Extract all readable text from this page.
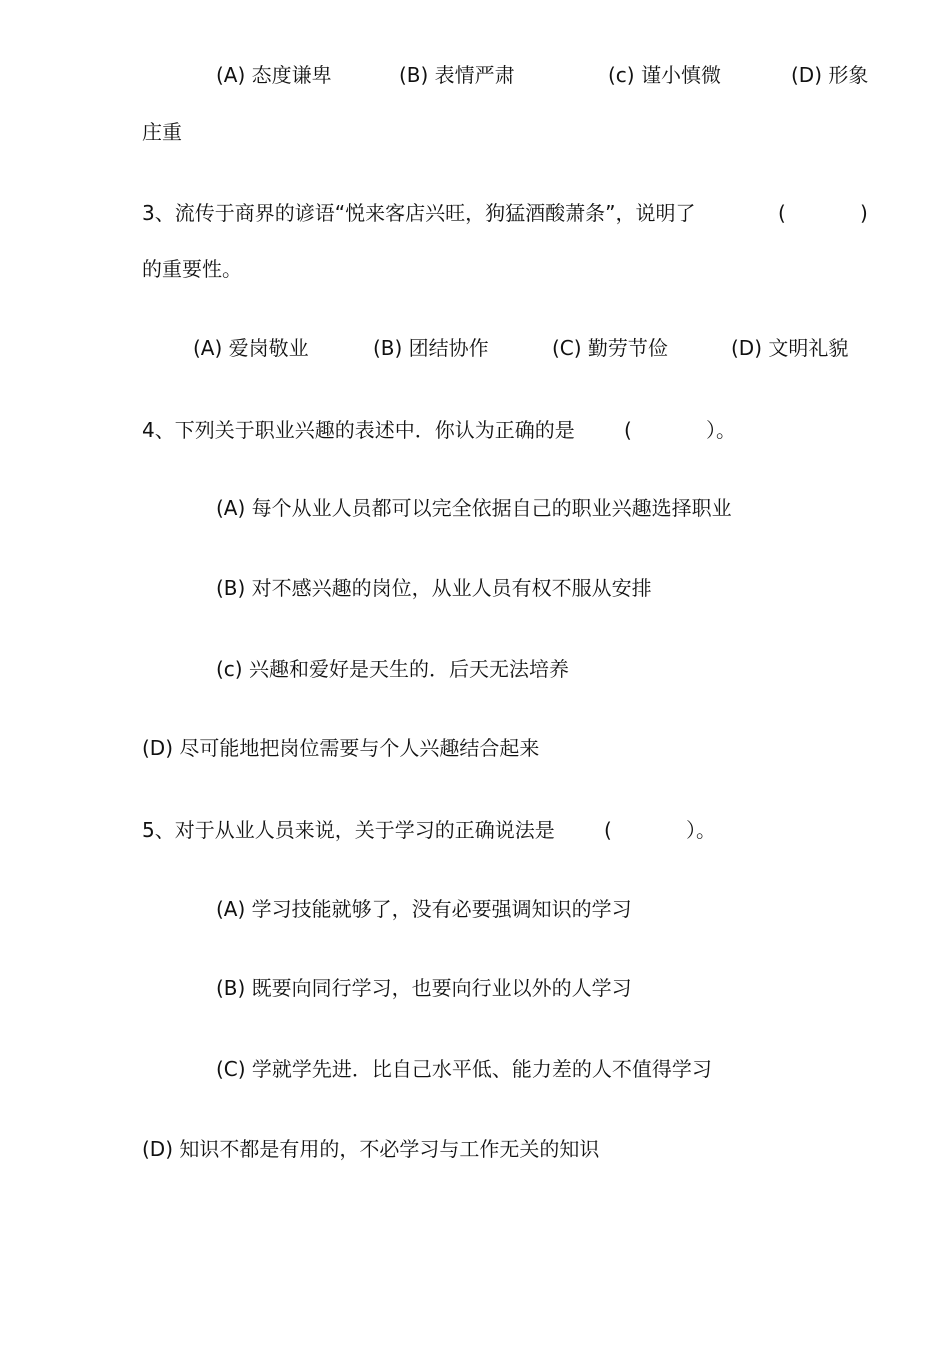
(A) 态度谦卑	(B) 表情严肃	(c) 谨小慎微	(D) 形象
庄重
3、流传于商界的谚语“悦来客店兴旺，狗猛酒酸萧条”，说明了	(	)
的重要性。
(A) 爱岗敬业	(B) 团结协作	(C) 勤劳节俭	(D) 文明礼貌
4、下列关于职业兴趣的表述中．你认为正确的是 (	）。
(A) 每个从业人员都可以完全依据自己的职业兴趣选择职业
(B) 对不感兴趣的岗位，从业人员有权不服从安排
(c) 兴趣和爱好是天生的．后天无法培养
(D) 尽可能地把岗位需要与个人兴趣结合起来
5、对于从业人员来说，关于学习的正确说法是 (	）。
(A) 学习技能就够了，没有必要强调知识的学习
(B) 既要向同行学习，也要向行业以外的人学习
(C) 学就学先进．比自己水平低、能力差的人不值得学习
(D) 知识不都是有用的，不必学习与工作无关的知识
